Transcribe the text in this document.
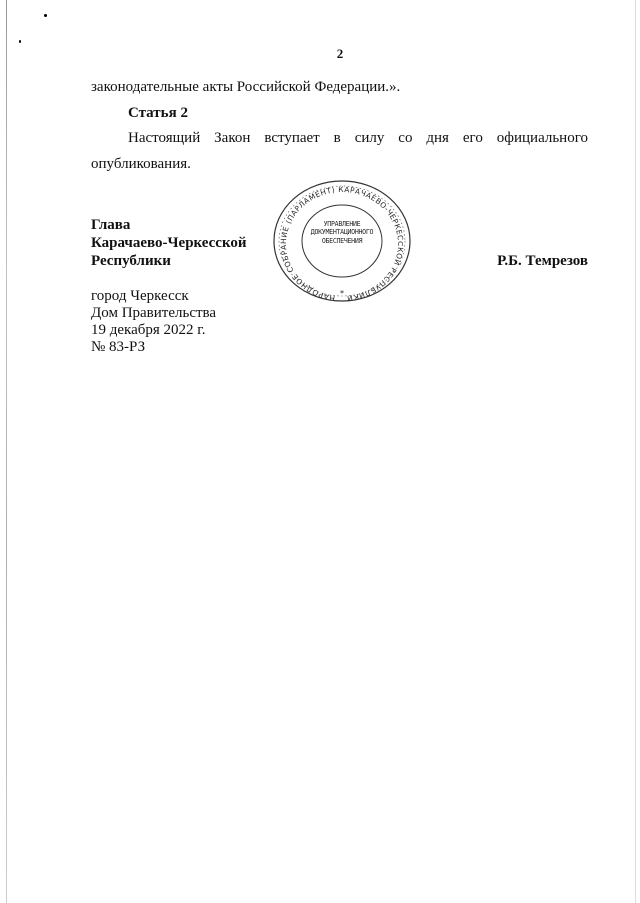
2
законодательные акты Российской Федерации.».
Статья 2
Настоящий Закон вступает в силу со дня его официального
опубликования.
Глава
Карачаево-Черкесской
Республики	Р.Б. Темрезов
город Черкесск
Дом Правительства
19 декабря 2022 г.
№ 83-РЗ
НАРОДНОЕ СОБРАНИЕ (ПАРЛАМЕНТ) КАРАЧАЕВО-ЧЕРКЕССКОЙ РЕСПУБЛИКИ
УПРАВЛЕНИЕ ДОКУМЕНТАЦИОННОГО ОБЕСПЕЧЕНИЯ
*
